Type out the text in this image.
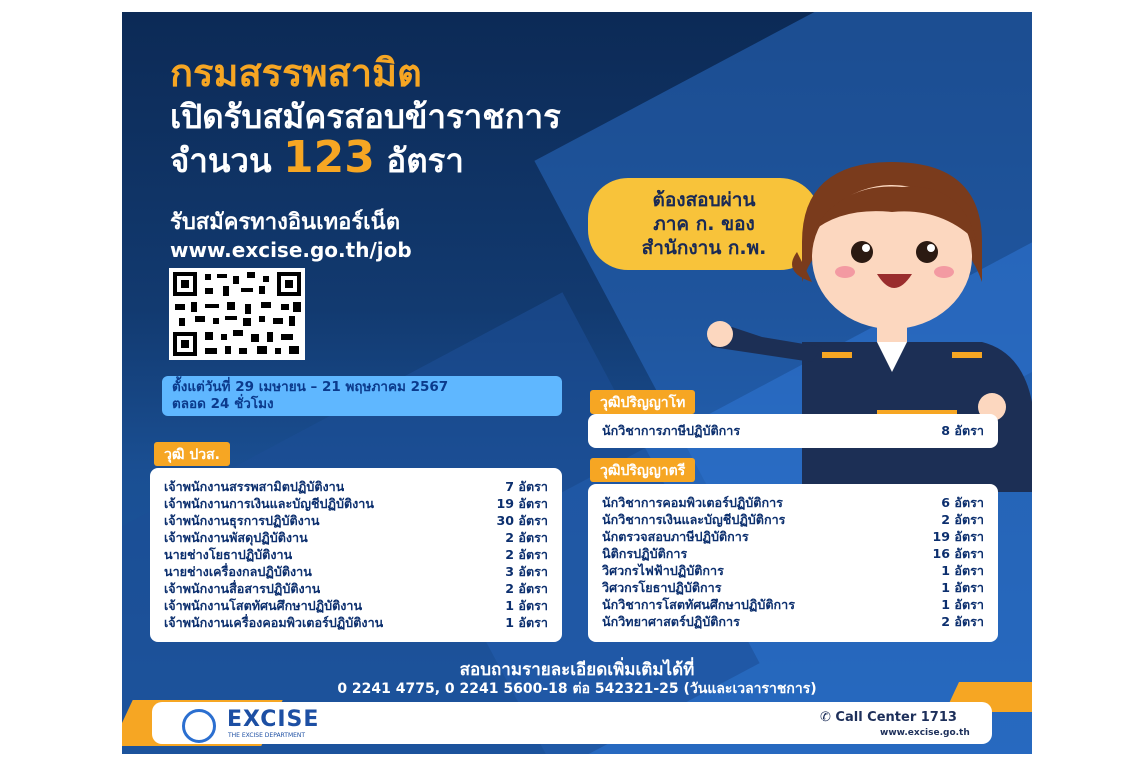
กรมสรรพสามิต
เปิดรับสมัครสอบข้าราชการ
จำนวน 123 อัตรา
รับสมัครทางอินเทอร์เน็ต
www.excise.go.th/job
ตั้งแต่วันที่ 29 เมษายน – 21 พฤษภาคม 2567
ตลอด 24 ชั่วโมง
ต้องสอบผ่าน
ภาค ก. ของ
สำนักงาน ก.พ.
วุฒิปริญญาโท
นักวิชาการภาษีปฏิบัติการ	8 อัตรา
วุฒิปริญญาตรี
นักวิชาการคอมพิวเตอร์ปฏิบัติการ	6 อัตรา
นักวิชาการเงินและบัญชีปฏิบัติการ	2 อัตรา
นักตรวจสอบภาษีปฏิบัติการ	19 อัตรา
นิติกรปฏิบัติการ	16 อัตรา
วิศวกรไฟฟ้าปฏิบัติการ	1 อัตรา
วิศวกรโยธาปฏิบัติการ	1 อัตรา
นักวิชาการโสตทัศนศึกษาปฏิบัติการ	1 อัตรา
นักวิทยาศาสตร์ปฏิบัติการ	2 อัตรา
วุฒิ ปวส.
เจ้าพนักงานสรรพสามิตปฏิบัติงาน	7 อัตรา
เจ้าพนักงานการเงินและบัญชีปฏิบัติงาน	19 อัตรา
เจ้าพนักงานธุรการปฏิบัติงาน	30 อัตรา
เจ้าพนักงานพัสดุปฏิบัติงาน	2 อัตรา
นายช่างโยธาปฏิบัติงาน	2 อัตรา
นายช่างเครื่องกลปฏิบัติงาน	3 อัตรา
เจ้าพนักงานสื่อสารปฏิบัติงาน	2 อัตรา
เจ้าพนักงานโสตทัศนศึกษาปฏิบัติงาน	1 อัตรา
เจ้าพนักงานเครื่องคอมพิวเตอร์ปฏิบัติงาน	1 อัตรา
สอบถามรายละเอียดเพิ่มเติมได้ที่
0 2241 4775, 0 2241 5600-18 ต่อ 542321-25 (วันและเวลาราชการ)
EXCISE
THE EXCISE DEPARTMENT
✆ Call Center 1713
www.excise.go.th
